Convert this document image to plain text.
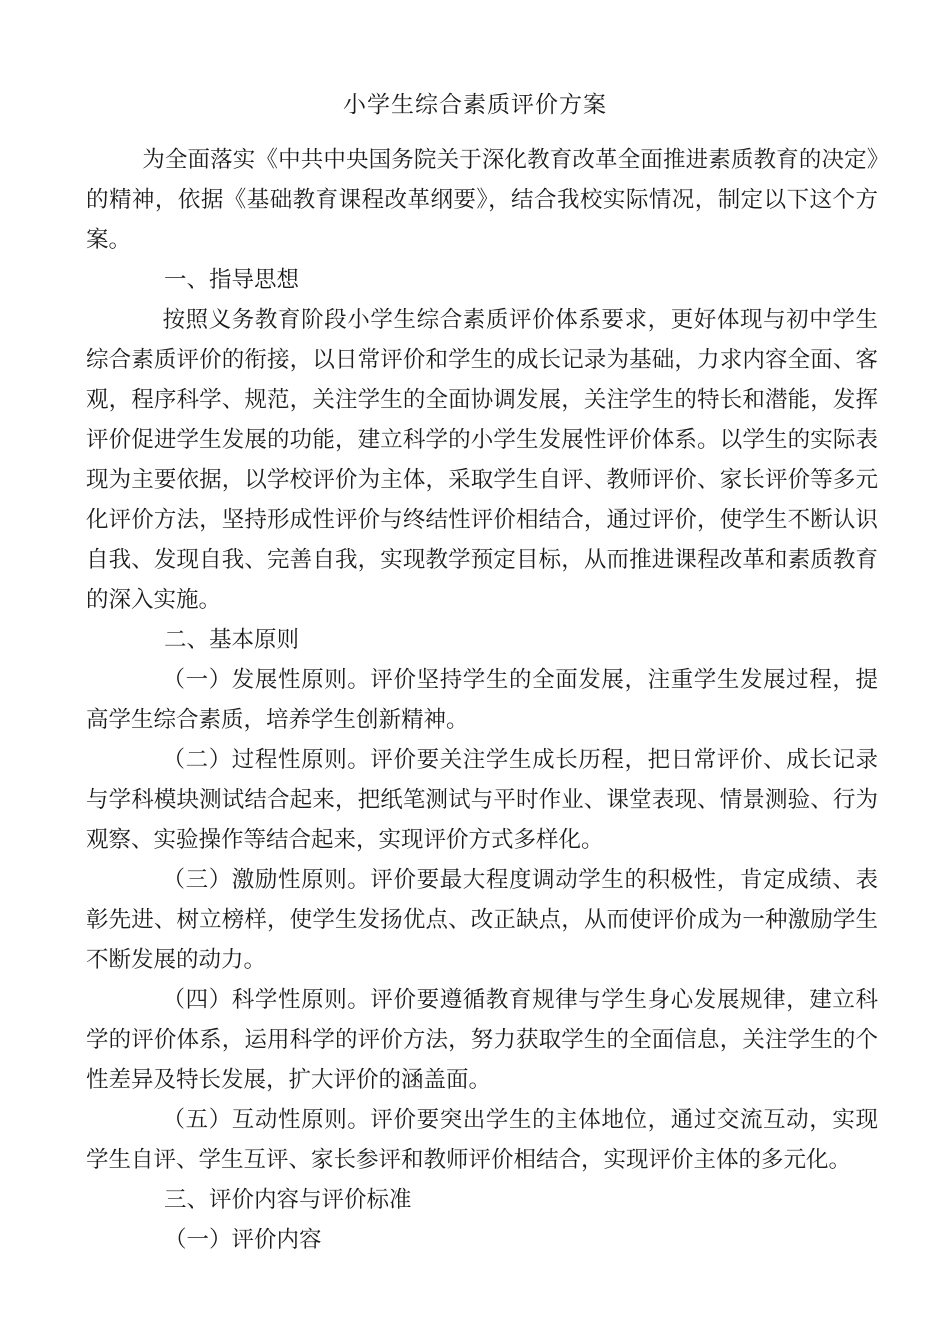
小学生综合素质评价方案

为全面落实《中共中央国务院关于深化教育改革全面推进素质教育的决定》的精神，依据《基础教育课程改革纲要》，结合我校实际情况，制定以下这个方案。

一、指导思想

按照义务教育阶段小学生综合素质评价体系要求，更好体现与初中学生综合素质评价的衔接，以日常评价和学生的成长记录为基础，力求内容全面、客观，程序科学、规范，关注学生的全面协调发展，关注学生的特长和潜能，发挥评价促进学生发展的功能，建立科学的小学生发展性评价体系。以学生的实际表现为主要依据，以学校评价为主体，采取学生自评、教师评价、家长评价等多元化评价方法，坚持形成性评价与终结性评价相结合，通过评价，使学生不断认识自我、发现自我、完善自我，实现教学预定目标，从而推进课程改革和素质教育的深入实施。

二、基本原则

（一）发展性原则。评价坚持学生的全面发展，注重学生发展过程，提高学生综合素质，培养学生创新精神。

（二）过程性原则。评价要关注学生成长历程，把日常评价、成长记录与学科模块测试结合起来，把纸笔测试与平时作业、课堂表现、情景测验、行为观察、实验操作等结合起来，实现评价方式多样化。

（三）激励性原则。评价要最大程度调动学生的积极性，肯定成绩、表彰先进、树立榜样，使学生发扬优点、改正缺点，从而使评价成为一种激励学生不断发展的动力。

（四）科学性原则。评价要遵循教育规律与学生身心发展规律，建立科学的评价体系，运用科学的评价方法，努力获取学生的全面信息，关注学生的个性差异及特长发展，扩大评价的涵盖面。

（五）互动性原则。评价要突出学生的主体地位，通过交流互动，实现学生自评、学生互评、家长参评和教师评价相结合，实现评价主体的多元化。

三、评价内容与评价标准

（一）评价内容
